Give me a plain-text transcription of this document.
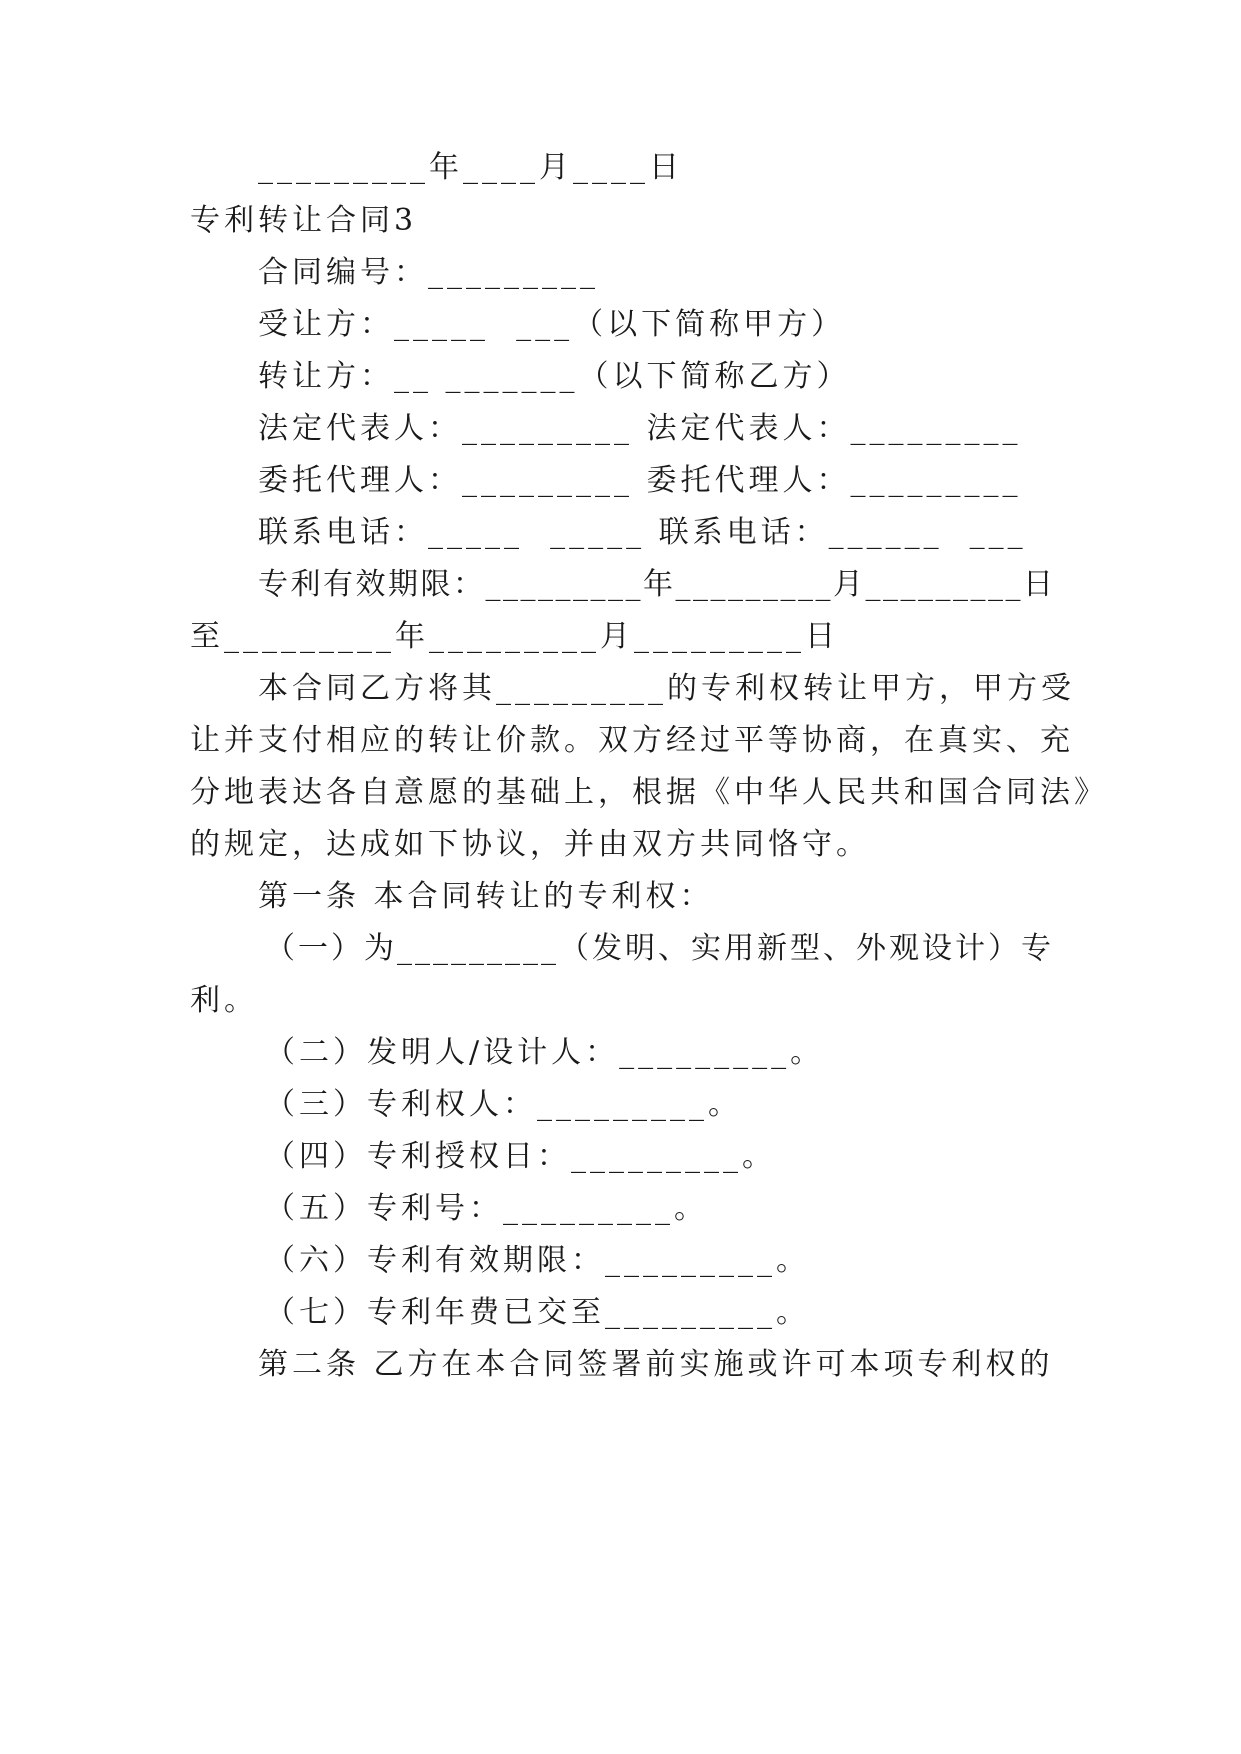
_________年____月____日
专利转让合同3
合同编号：_________
受让方：_____  ___（以下简称甲方）
转让方：__ _______（以下简称乙方）
法定代表人：_________ 法定代表人：_________
委托代理人：_________ 委托代理人：_________
联系电话：_____  _____ 联系电话：______  ___
专利有效期限：_________年_________月_________日
至_________年_________月_________日
本合同乙方将其_________的专利权转让甲方，甲方受
让并支付相应的转让价款。双方经过平等协商，在真实、充
分地表达各自意愿的基础上，根据《中华人民共和国合同法》
的规定，达成如下协议，并由双方共同恪守。
第一条 本合同转让的专利权：
（一）为_________（发明、实用新型、外观设计）专
利。
（二）发明人/设计人：_________。
（三）专利权人：_________。
（四）专利授权日：_________。
（五）专利号：_________。
（六）专利有效期限：_________。
（七）专利年费已交至_________。
第二条 乙方在本合同签署前实施或许可本项专利权的
